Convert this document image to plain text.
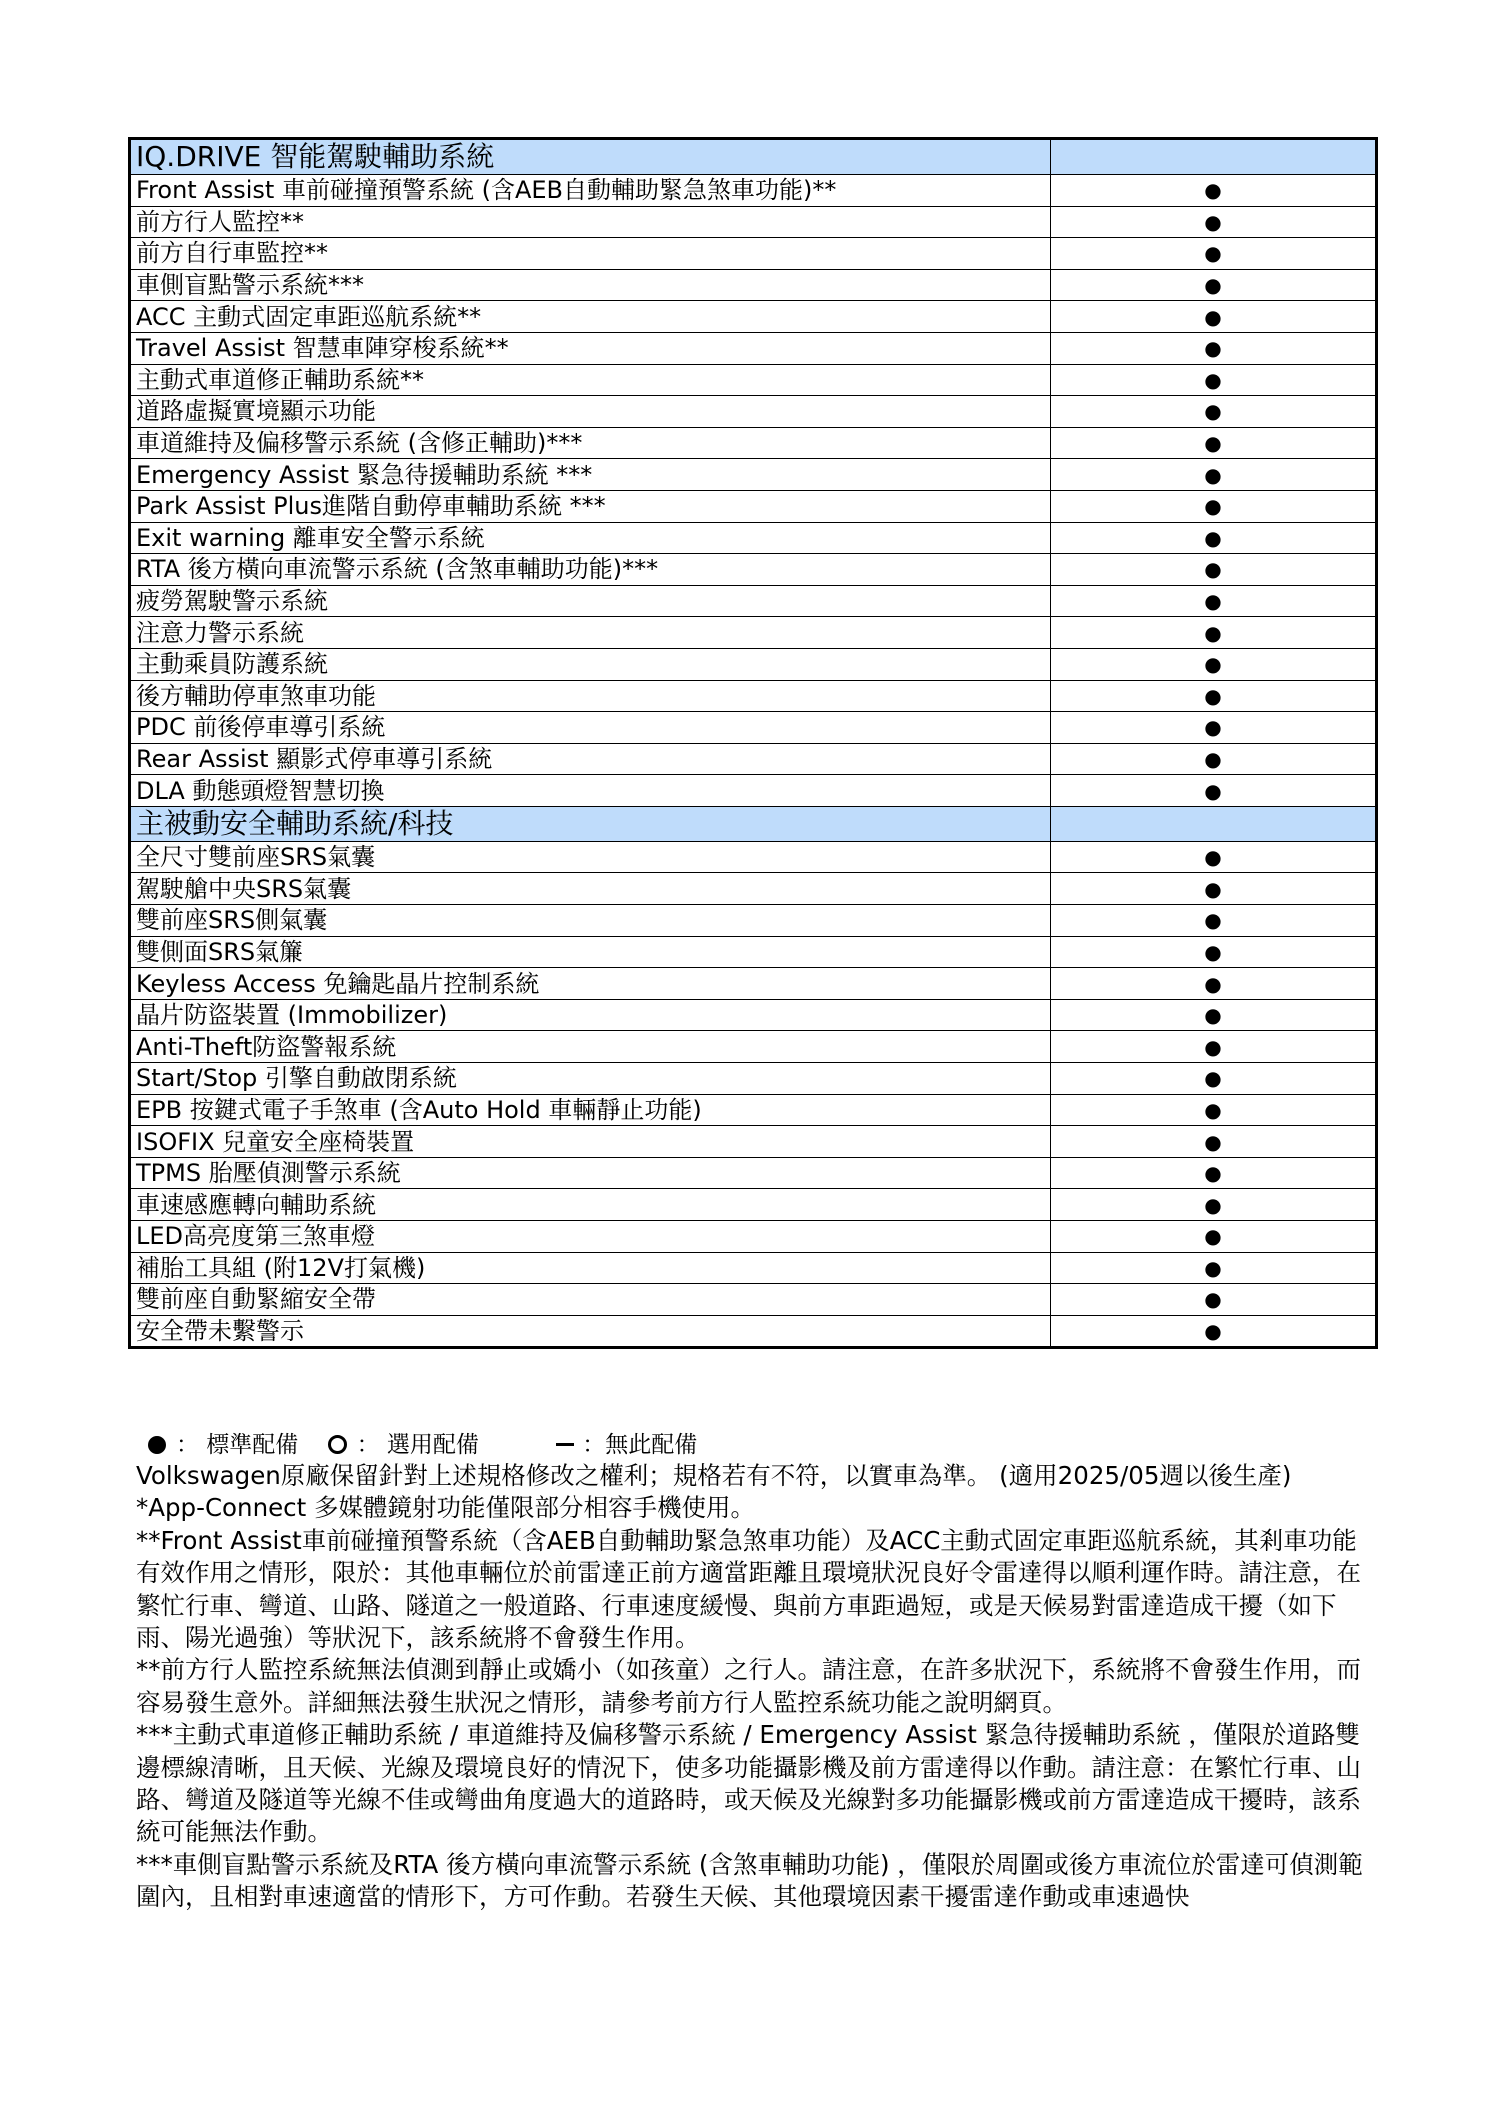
IQ.DRIVE 智能駕駛輔助系統	
Front Assist 車前碰撞預警系統 (含AEB自動輔助緊急煞車功能)**	●
前方行人監控**	●
前方自行車監控**	●
車側盲點警示系統***	●
ACC 主動式固定車距巡航系統**	●
Travel Assist 智慧車陣穿梭系統**	●
主動式車道修正輔助系統**	●
道路虛擬實境顯示功能	●
車道維持及偏移警示系統 (含修正輔助)***	●
Emergency Assist 緊急待援輔助系統 ***	●
Park Assist Plus進階自動停車輔助系統 ***	●
Exit warning 離車安全警示系統	●
RTA 後方橫向車流警示系統 (含煞車輔助功能)***	●
疲勞駕駛警示系統	●
注意力警示系統	●
主動乘員防護系統	●
後方輔助停車煞車功能	●
PDC 前後停車導引系統	●
Rear Assist 顯影式停車導引系統	●
DLA 動態頭燈智慧切換	●
主被動安全輔助系統/科技	
全尺寸雙前座SRS氣囊	●
駕駛艙中央SRS氣囊	●
雙前座SRS側氣囊	●
雙側面SRS氣簾	●
Keyless Access 免鑰匙晶片控制系統	●
晶片防盜裝置 (Immobilizer)	●
Anti-Theft防盜警報系統	●
Start/Stop 引擎自動啟閉系統	●
EPB 按鍵式電子手煞車 (含Auto Hold 車輛靜止功能)	●
ISOFIX 兒童安全座椅裝置	●
TPMS 胎壓偵測警示系統	●
車速感應轉向輔助系統	●
LED高亮度第三煞車燈	●
補胎工具組 (附12V打氣機)	●
雙前座自動緊縮安全帶	●
安全帶未繫警示	●
： 標準配備	： 選用配備	：無此配備

Volkswagen原廠保留針對上述規格修改之權利；規格若有不符，以實車為準。 (適用2025/05週以後生產)

*App-Connect 多媒體鏡射功能僅限部分相容手機使用。

**Front Assist車前碰撞預警系統（含AEB自動輔助緊急煞車功能）及ACC主動式固定車距巡航系統，其剎車功能有效作用之情形，限於：其他車輛位於前雷達正前方適當距離且環境狀況良好令雷達得以順利運作時。請注意，在繁忙行車、彎道、山路、隧道之一般道路、行車速度緩慢、與前方車距過短，或是天候易對雷達造成干擾（如下雨、陽光過強）等狀況下，該系統將不會發生作用。

**前方行人監控系統無法偵測到靜止或嬌小（如孩童）之行人。請注意，在許多狀況下，系統將不會發生作用，而容易發生意外。詳細無法發生狀況之情形，請參考前方行人監控系統功能之說明網頁。

***主動式車道修正輔助系統 / 車道維持及偏移警示系統 / Emergency Assist 緊急待援輔助系統 ，僅限於道路雙邊標線清晰，且天候、光線及環境良好的情況下，使多功能攝影機及前方雷達得以作動。請注意：在繁忙行車、山路、彎道及隧道等光線不佳或彎曲角度過大的道路時，或天候及光線對多功能攝影機或前方雷達造成干擾時，該系統可能無法作動。

***車側盲點警示系統及RTA 後方橫向車流警示系統 (含煞車輔助功能) ，僅限於周圍或後方車流位於雷達可偵測範圍內，且相對車速適當的情形下，方可作動。若發生天候、其他環境因素干擾雷達作動或車速過快
